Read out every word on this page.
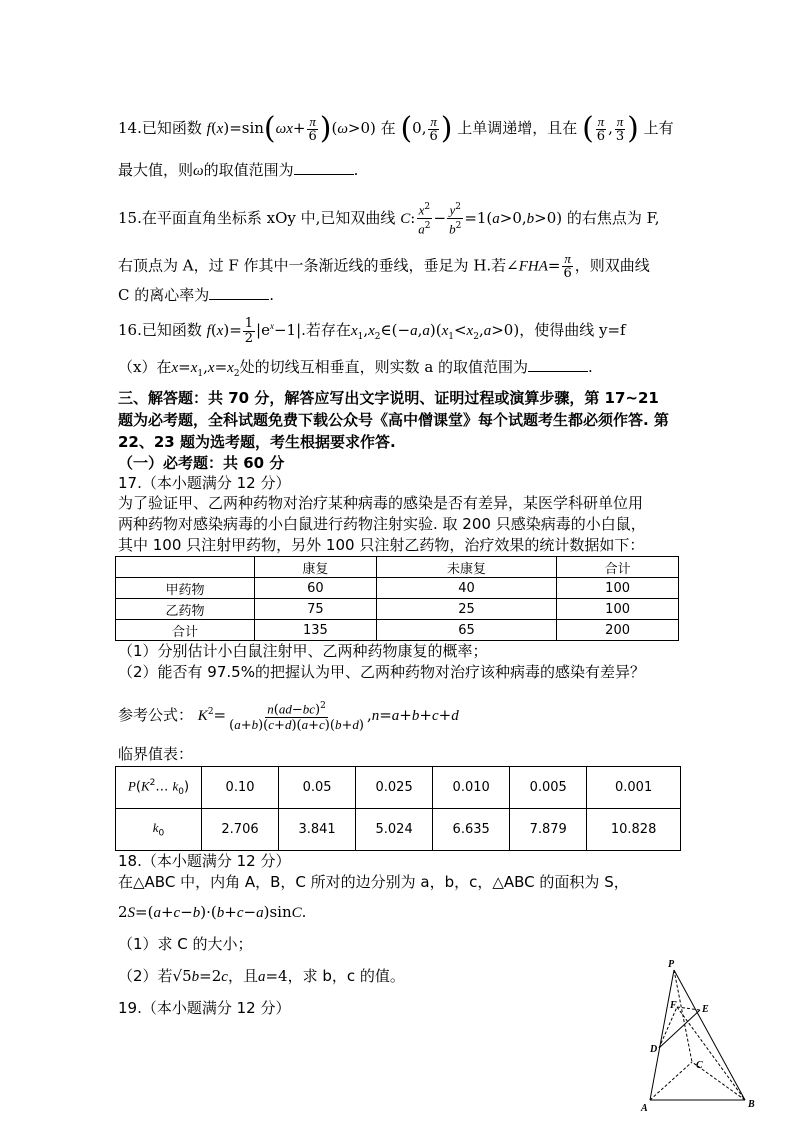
14.已知函数 $f(x)=\sin(\omega x+ \frac{\pi}{6} )(\omega>0)$ 在 (0, $\frac{\pi}{6}$ ) 上单调递增，且在 ( $\frac{\pi}{6}$ , $\frac{\pi}{3}$ ) 上有
最大值，则ω的取值范围为	.
15.在平面直角坐标系 xOy 中,已知双曲线 C: $\frac{x^2}{a^2} - \frac{y^2}{b^2} =1(a>0,b>0)$ 的右焦点为 F,
右顶点为 A，过 F 作其中一条渐近线的垂线，垂足为 H.若∠FHA= $\frac{\pi}{6}$ ，则双曲线
C 的离心率为	.
16.已知函数 $f(x)= \frac{1}{2} |e^x-1|$.若存在$x_1,x_2\in(-a,a)(x_1<x_2,a>0)$，使得曲线 y=f
（x）在$x=x_1,x=x_2$处的切线互相垂直，则实数 a 的取值范围为	.
三、解答题：共 70 分，解答应写出文字说明、证明过程或演算步骤，第 17~21
题为必考题，全科试题免费下载公众号《高中僧课堂》每个试题考生都必须作答. 第
22、23 题为选考题，考生根据要求作答.
（一）必考题：共 60 分
17.（本小题满分 12 分）
为了验证甲、乙两种药物对治疗某种病毒的感染是否有差异，某医学科研单位用
两种药物对感染病毒的小白鼠进行药物注射实验. 取 200 只感染病毒的小白鼠，
其中 100 只注射甲药物，另外 100 只注射乙药物，治疗效果的统计数据如下：
	康复	未康复	合计
甲药物	60	40	100
乙药物	75	25	100
合计	135	65	200
（1）分别估计小白鼠注射甲、乙两种药物康复的概率；
（2）能否有 97.5%的把握认为甲、乙两种药物对治疗该种病毒的感染有差异？
参考公式： $K^2= \frac{n(ad-bc)^2}{(a+b)(c+d)(a+c)(b+d)} ,n=a+b+c+d$
临界值表：
$P(K^2\dots$ $k_0$)	0.10	0.05	0.025	0.010	0.005	0.001
$k_0$	2.706	3.841	5.024	6.635	7.879	10.828
18.（本小题满分 12 分）
在△ABC 中，内角 A，B，C 所对的边分别为 a，b，c，△ABC 的面积为 S，
2S=(a+c−b)·(b+c−a)sinC.
（1）求 C 的大小；
（2）若√5b=2c，且a=4，求 b，c 的值。
19.（本小题满分 12 分）
P
F	E
D
C
A	B
